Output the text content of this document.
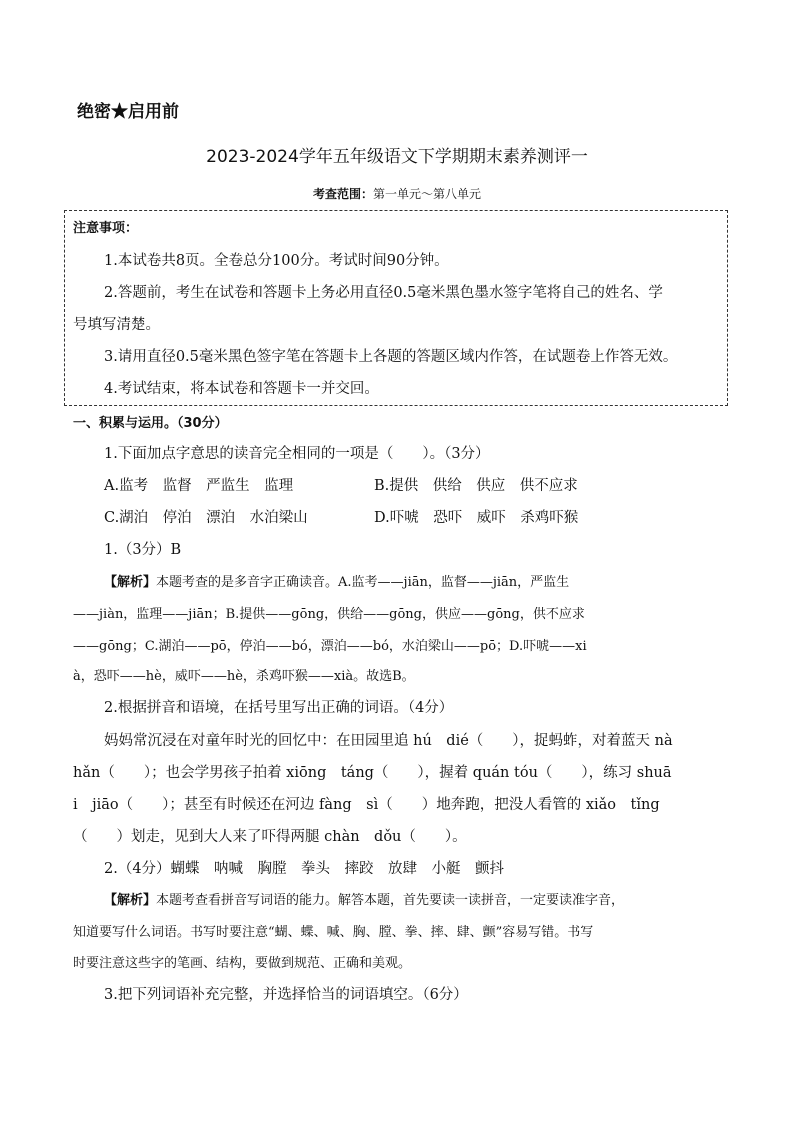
绝密★启用前
2023-2024学年五年级语文下学期期末素养测评一
考查范围：第一单元～第八单元
注意事项：
1.本试卷共8页。全卷总分100分。考试时间90分钟。
2.答题前，考生在试卷和答题卡上务必用直径0.5毫米黑色墨水签字笔将自己的姓名、学
号填写清楚。
3.请用直径0.5毫米黑色签字笔在答题卡上各题的答题区域内作答，在试题卷上作答无效。
4.考试结束，将本试卷和答题卡一并交回。
一、积累与运用。（30分）
1.下面加点字意思的读音完全相同的一项是（　　）。（3分）
A.监考　监督　严监生　监理	B.提供　供给　供应　供不应求
C.湖泊　停泊　漂泊　水泊梁山	D.吓唬　恐吓　威吓　杀鸡吓猴
1.（3分）B
【解析】本题考查的是多音字正确读音。A.监考——jiān，监督——jiān，严监生
——jiàn，监理——jiān；B.提供——gōng，供给——gōng，供应——gōng，供不应求
——gōng；C.湖泊——pō，停泊——bó，漂泊——bó，水泊梁山——pō；D.吓唬——xi
à，恐吓——hè，威吓——hè，杀鸡吓猴——xià。故选B。
2.根据拼音和语境，在括号里写出正确的词语。（4分）
妈妈常沉浸在对童年时光的回忆中：在田园里追 hú　dié（　　），捉蚂蚱，对着蓝天 nà
hǎn（　　）；也会学男孩子拍着 xiōng　táng（　　），握着 quán tóu（　　），练习 shuā
i　jiāo（　　）；甚至有时候还在河边 fàng　sì（　　）地奔跑，把没人看管的 xiǎo　tǐng
（　　）划走，见到大人来了吓得两腿 chàn　dǒu（　　）。
2.（4分）蝴蝶　呐喊　胸膛　拳头　摔跤　放肆　小艇　颤抖
【解析】本题考查看拼音写词语的能力。解答本题，首先要读一读拼音，一定要读准字音，
知道要写什么词语。书写时要注意“蝴、蝶、喊、胸、膛、拳、摔、肆、颤”容易写错。书写
时要注意这些字的笔画、结构，要做到规范、正确和美观。
3.把下列词语补充完整，并选择恰当的词语填空。（6分）
